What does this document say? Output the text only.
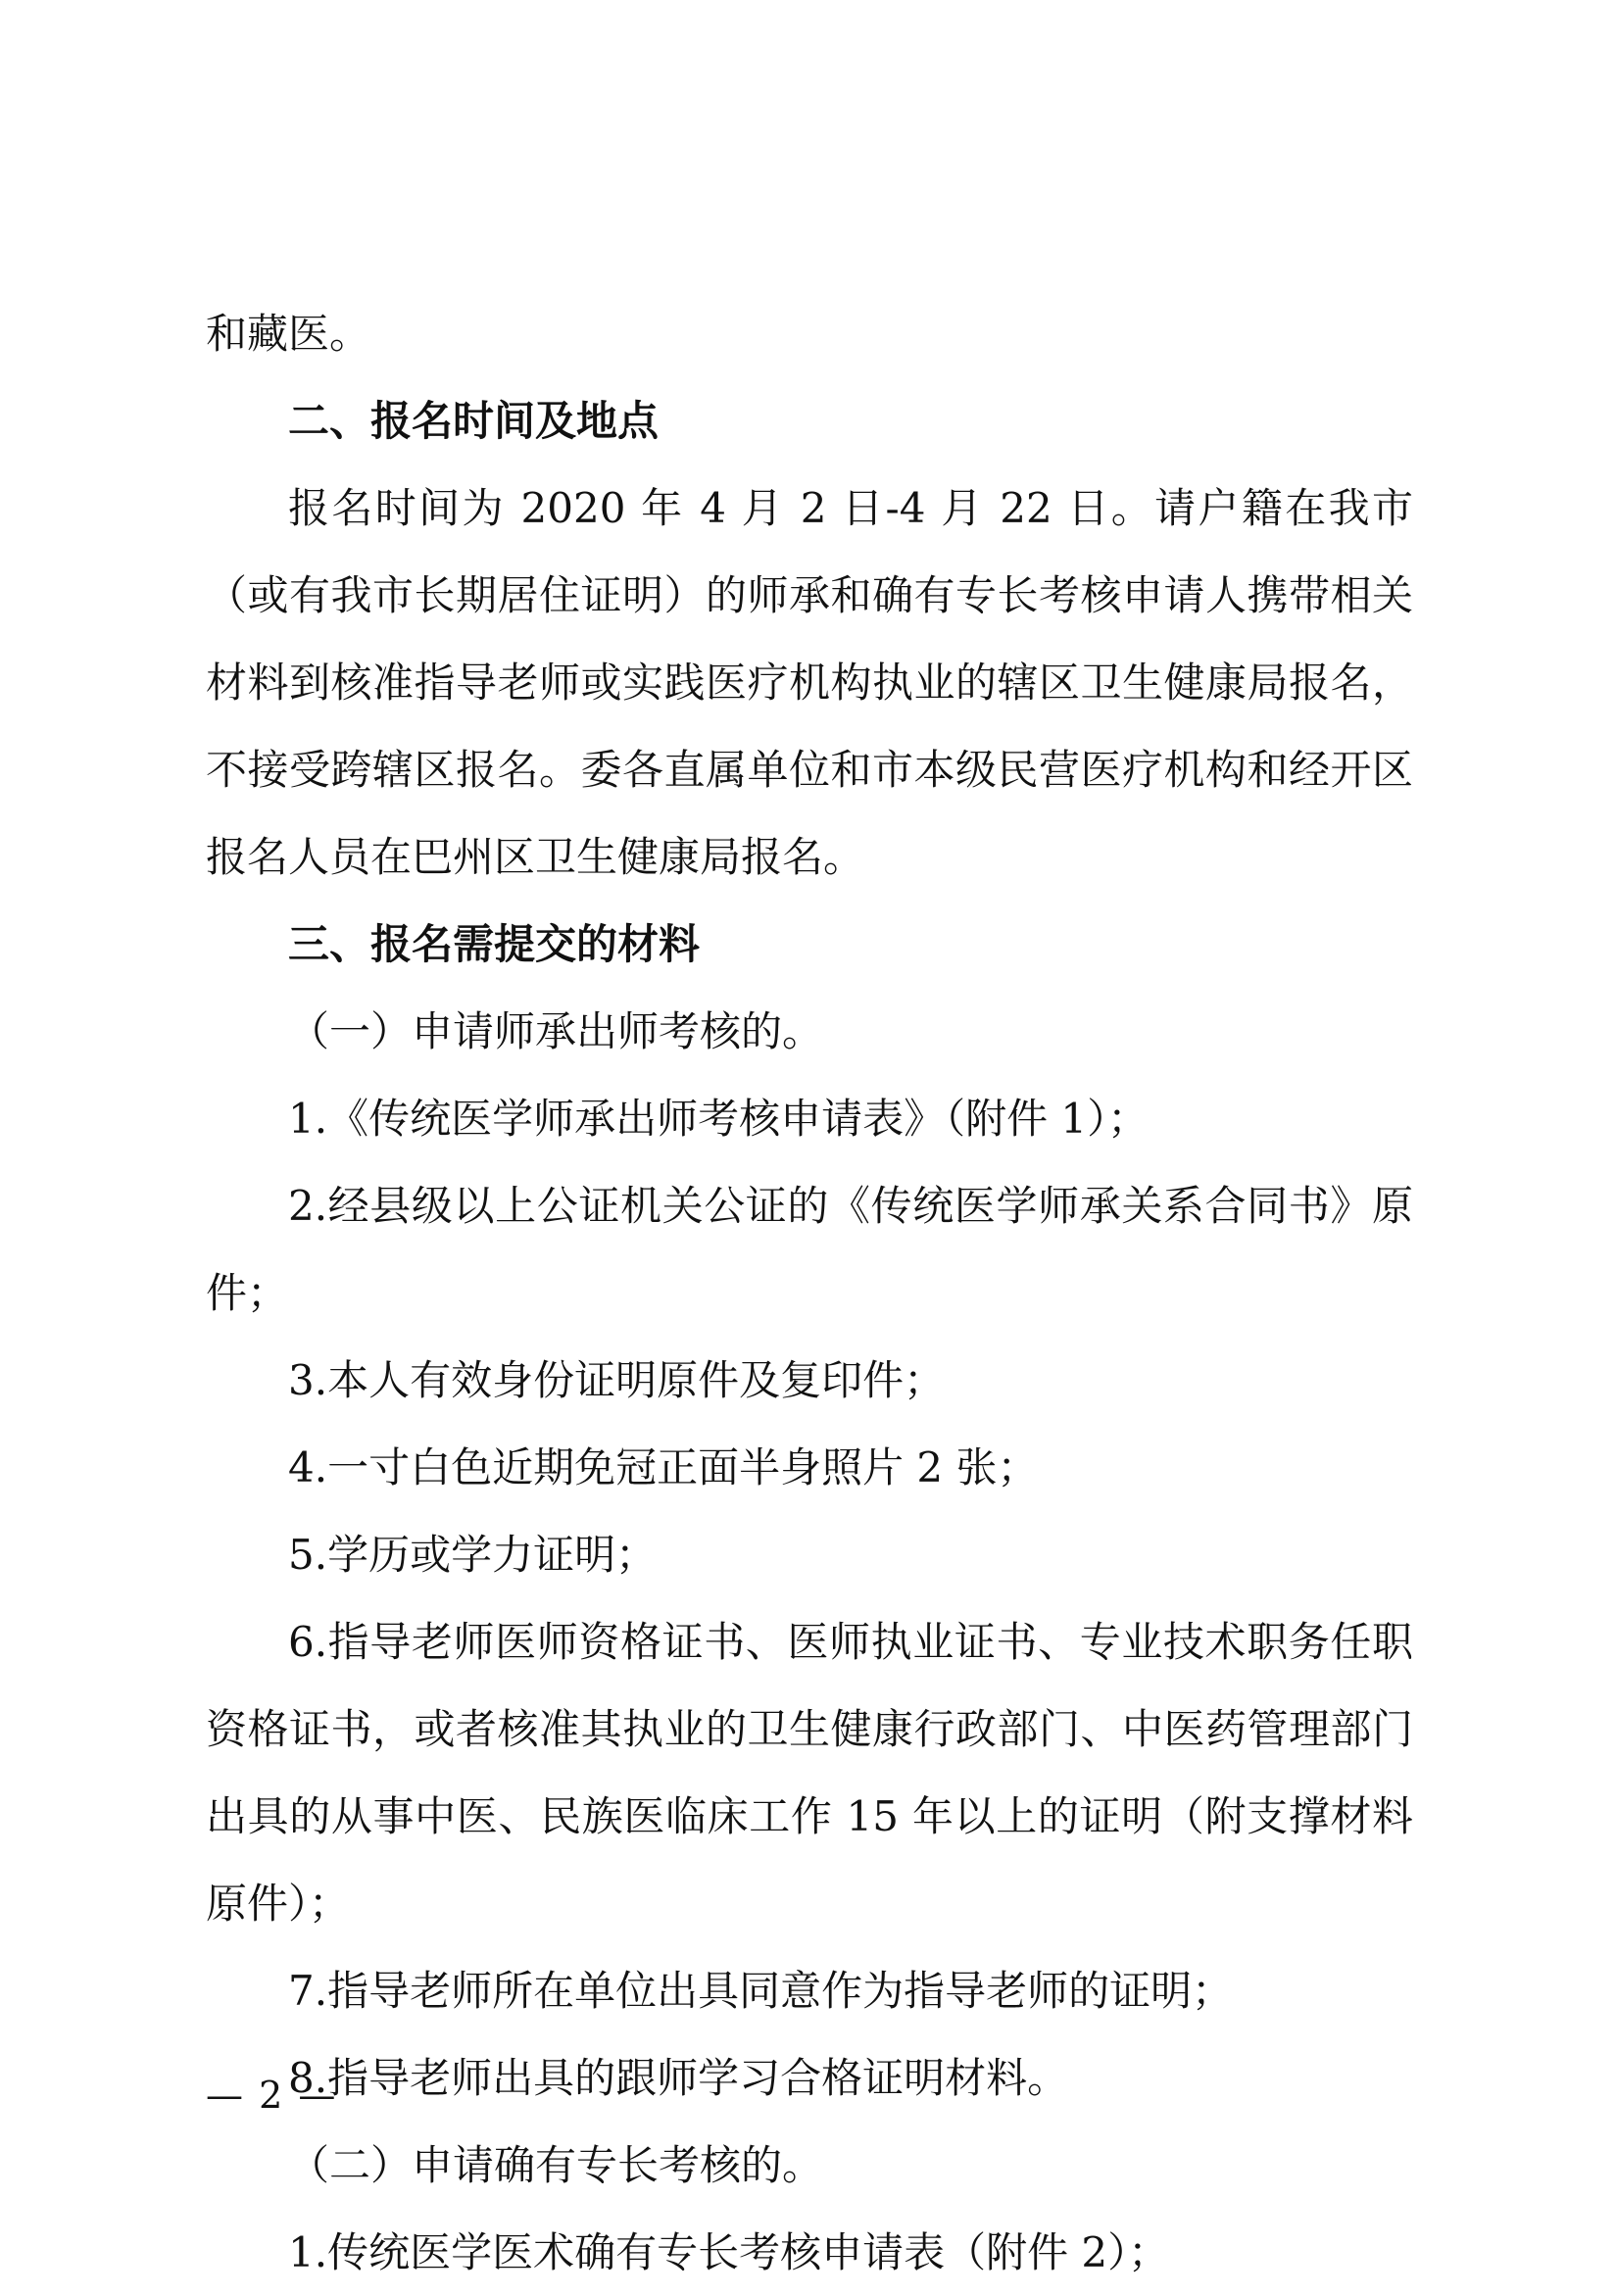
和藏医。

二、报名时间及地点

报名时间为 2020 年 4 月 2 日-4 月 22 日。请户籍在我市（或有我市长期居住证明）的师承和确有专长考核申请人携带相关材料到核准指导老师或实践医疗机构执业的辖区卫生健康局报名，不接受跨辖区报名。委各直属单位和市本级民营医疗机构和经开区报名人员在巴州区卫生健康局报名。

三、报名需提交的材料

（一）申请师承出师考核的。

1.《传统医学师承出师考核申请表》（附件 1）；

2.经县级以上公证机关公证的《传统医学师承关系合同书》原件；

3.本人有效身份证明原件及复印件；

4.一寸白色近期免冠正面半身照片 2 张；

5.学历或学力证明；

6.指导老师医师资格证书、医师执业证书、专业技术职务任职资格证书，或者核准其执业的卫生健康行政部门、中医药管理部门出具的从事中医、民族医临床工作 15 年以上的证明（附支撑材料原件）；

7.指导老师所在单位出具同意作为指导老师的证明；

8.指导老师出具的跟师学习合格证明材料。

（二）申请确有专长考核的。

1.传统医学医术确有专长考核申请表（附件 2）；

— 2 —
